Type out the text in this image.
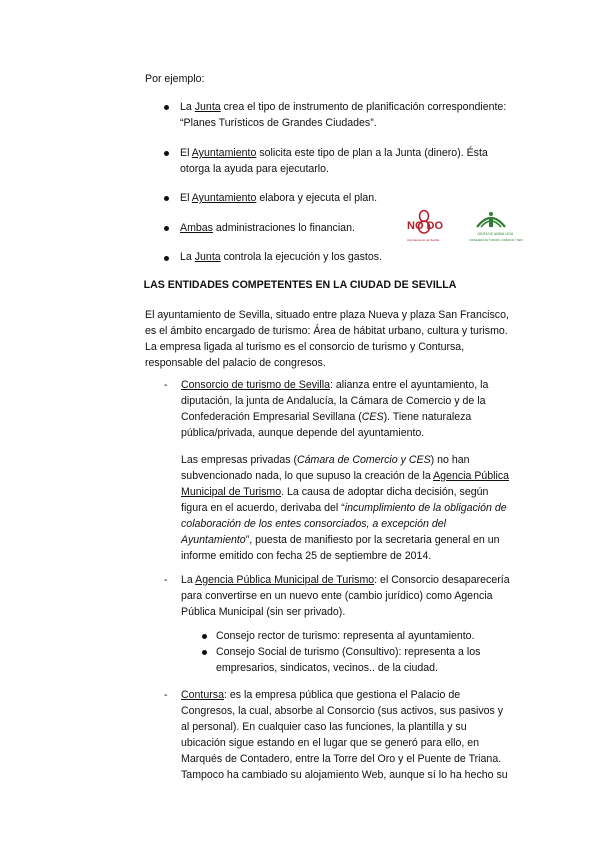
Por ejemplo:
La Junta crea el tipo de instrumento de planificación correspondiente:
“Planes Turísticos de Grandes Ciudades”.
El Ayuntamiento solicita este tipo de plan a la Junta (dinero). Ésta
otorga la ayuda para ejecutarlo.
El Ayuntamiento elabora y ejecuta el plan.
Ambas administraciones lo financian.
La Junta controla la ejecución y los gastos.
NO DO
Ayuntamiento de Sevilla
JUNTA DE ANDALUCIA
CONSEJERÍA DE TURISMO, COMERCIO Y DEPORTE
LAS ENTIDADES COMPETENTES EN LA CIUDAD DE SEVILLA
El ayuntamiento de Sevilla, situado entre plaza Nueva y plaza San Francisco,
es el ámbito encargado de turismo: Área de hábitat urbano, cultura y turismo.
La empresa ligada al turismo es el consorcio de turismo y Contursa,
responsable del palacio de congresos.
- Consorcio de turismo de Sevilla: alianza entre el ayuntamiento, la
diputación, la junta de Andalucía, la Cámara de Comercio y de la
Confederación Empresarial Sevillana (CES). Tiene naturaleza
pública/privada, aunque depende del ayuntamiento.
Las empresas privadas (Cámara de Comercio y CES) no han
subvencionado nada, lo que supuso la creación de la Agencia Pública
Municipal de Turismo. La causa de adoptar dicha decisión, según
figura en el acuerdo, derivaba del “incumplimiento de la obligación de
colaboración de los entes consorciados, a excepción del
Ayuntamiento”, puesta de manifiesto por la secretaria general en un
informe emitido con fecha 25 de septiembre de 2014.
- La Agencia Pública Municipal de Turismo: el Consorcio desaparecería
para convertirse en un nuevo ente (cambio jurídico) como Agencia
Pública Municipal (sin ser privado).
Consejo rector de turismo: representa al ayuntamiento.
Consejo Social de turismo (Consultivo): representa a los
empresarios, sindicatos, vecinos.. de la ciudad.
- Contursa: es la empresa pública que gestiona el Palacio de
Congresos, la cual, absorbe al Consorcio (sus activos, sus pasivos y
al personal). En cualquier caso las funciones, la plantilla y su
ubicación sigue estando en el lugar que se generó para ello, en
Marqués de Contadero, entre la Torre del Oro y el Puente de Triana.
Tampoco ha cambiado su alojamiento Web, aunque sí lo ha hecho su
